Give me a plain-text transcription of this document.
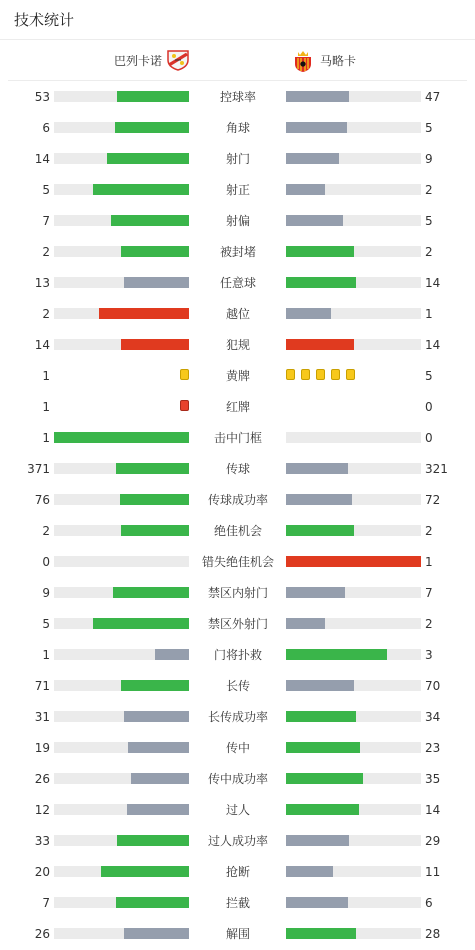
技术统计
巴列卡诺	马略卡
53	控球率	47
6	角球	5
14	射门	9
5	射正	2
7	射偏	5
2	被封堵	2
13	任意球	14
2	越位	1
14	犯规	14
1	黄牌	5
1	红牌	0
1	击中门框	0
371	传球	321
76	传球成功率	72
2	绝佳机会	2
0	错失绝佳机会	1
9	禁区内射门	7
5	禁区外射门	2
1	门将扑救	3
71	长传	70
31	长传成功率	34
19	传中	23
26	传中成功率	35
12	过人	14
33	过人成功率	29
20	抢断	11
7	拦截	6
26	解围	28
